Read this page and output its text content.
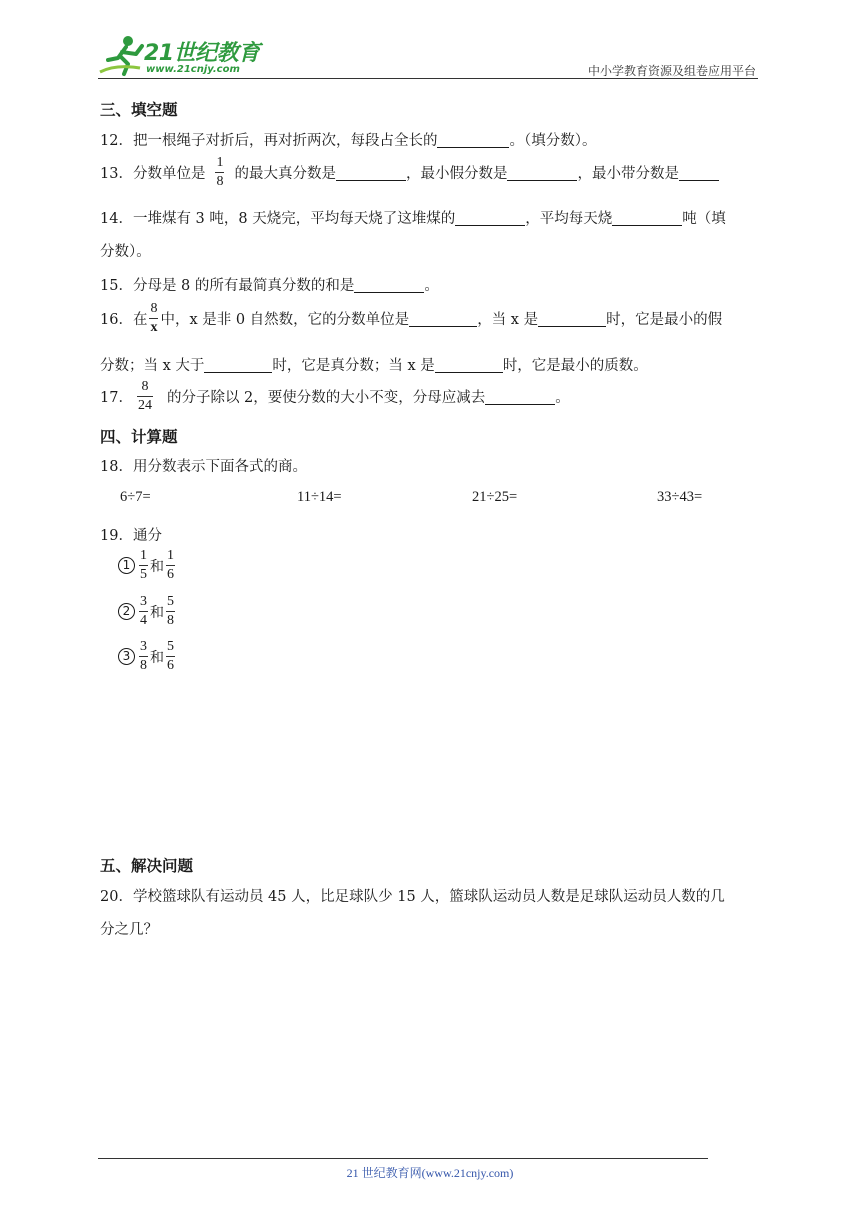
21世纪教育
www.21cnjy.com	中小学教育资源及组卷应用平台
三、填空题
12．把一根绳子对折后，再对折两次，每段占全长的	。（填分数）。
13． 分数单位是 $\frac{1}{8}$ 的最大真分数是	，最小假分数是	，最小带分数是
14．一堆煤有 3 吨，8 天烧完，平均每天烧了这堆煤的	，平均每天烧	吨（填
分数）。
15．分母是 8 的所有最简真分数的和是	。
16． 在 $\frac{8}{x}$ 中，x 是非 0 自然数，它的分数单位是	，当 x 是	时，它是最小的假
分数；当 x 大于	时，它是真分数；当 x 是	时，它是最小的质数。
17． $\frac{8}{24}$ 的分子除以 2，要使分数的大小不变，分母应减去	。
四、计算题
18．用分数表示下面各式的商。
6÷7=	11÷14=	21÷25=	33÷43=
19．通分
$1 \frac{1}{5}$ 和 $\frac{1}{6}$
$2 \frac{3}{4}$ 和 $\frac{5}{8}$
$3 \frac{3}{8}$ 和 $\frac{5}{6}$
五、解决问题
20．学校篮球队有运动员 45 人，比足球队少 15 人，篮球队运动员人数是足球队运动员人数的几
分之几？
21 世纪教育网(www.21cnjy.com)
